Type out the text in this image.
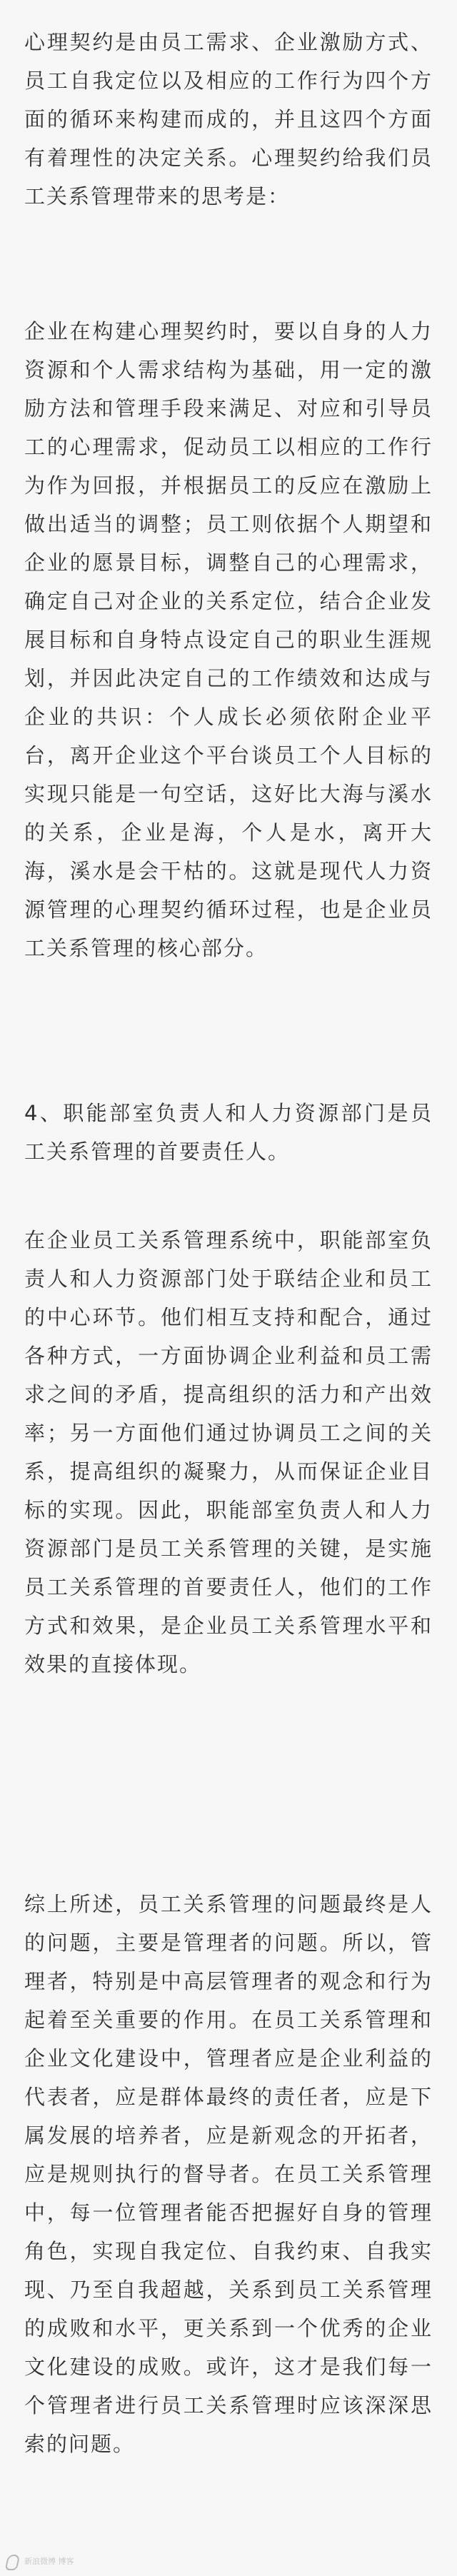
心理契约是由员工需求、企业激励方式、员工自我定位以及相应的工作行为四个方面的循环来构建而成的，并且这四个方面有着理性的决定关系。心理契约给我们员工关系管理带来的思考是：

企业在构建心理契约时，要以自身的人力资源和个人需求结构为基础，用一定的激励方法和管理手段来满足、对应和引导员工的心理需求，促动员工以相应的工作行为作为回报，并根据员工的反应在激励上做出适当的调整；员工则依据个人期望和企业的愿景目标，调整自己的心理需求，确定自己对企业的关系定位，结合企业发展目标和自身特点设定自己的职业生涯规划，并因此决定自己的工作绩效和达成与企业的共识：个人成长必须依附企业平台，离开企业这个平台谈员工个人目标的实现只能是一句空话，这好比大海与溪水的关系，企业是海，个人是水，离开大海，溪水是会干枯的。这就是现代人力资源管理的心理契约循环过程，也是企业员工关系管理的核心部分。

4、职能部室负责人和人力资源部门是员工关系管理的首要责任人。

在企业员工关系管理系统中，职能部室负责人和人力资源部门处于联结企业和员工的中心环节。他们相互支持和配合，通过各种方式，一方面协调企业利益和员工需求之间的矛盾，提高组织的活力和产出效率；另一方面他们通过协调员工之间的关系，提高组织的凝聚力，从而保证企业目标的实现。因此，职能部室负责人和人力资源部门是员工关系管理的关键，是实施员工关系管理的首要责任人，他们的工作方式和效果，是企业员工关系管理水平和效果的直接体现。

综上所述，员工关系管理的问题最终是人的问题，主要是管理者的问题。所以，管理者，特别是中高层管理者的观念和行为起着至关重要的作用。在员工关系管理和企业文化建设中，管理者应是企业利益的代表者，应是群体最终的责任者，应是下属发展的培养者，应是新观念的开拓者，应是规则执行的督导者。在员工关系管理中，每一位管理者能否把握好自身的管理角色，实现自我定位、自我约束、自我实现、乃至自我超越，关系到员工关系管理的成败和水平，更关系到一个优秀的企业文化建设的成败。或许，这才是我们每一个管理者进行员工关系管理时应该深深思索的问题。

新浪微博 博客
